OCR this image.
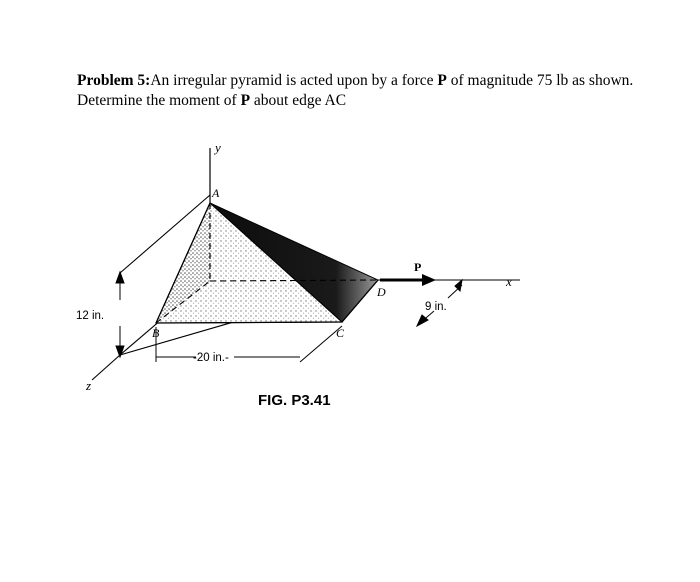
Problem 5:An irregular pyramid is acted upon by a force P of magnitude 75 lb as shown.
Determine the moment of P about edge AC
y
x
z
A
B	C
D
P
12 in.
-20 in.-
9 in.
FIG. P3.41
